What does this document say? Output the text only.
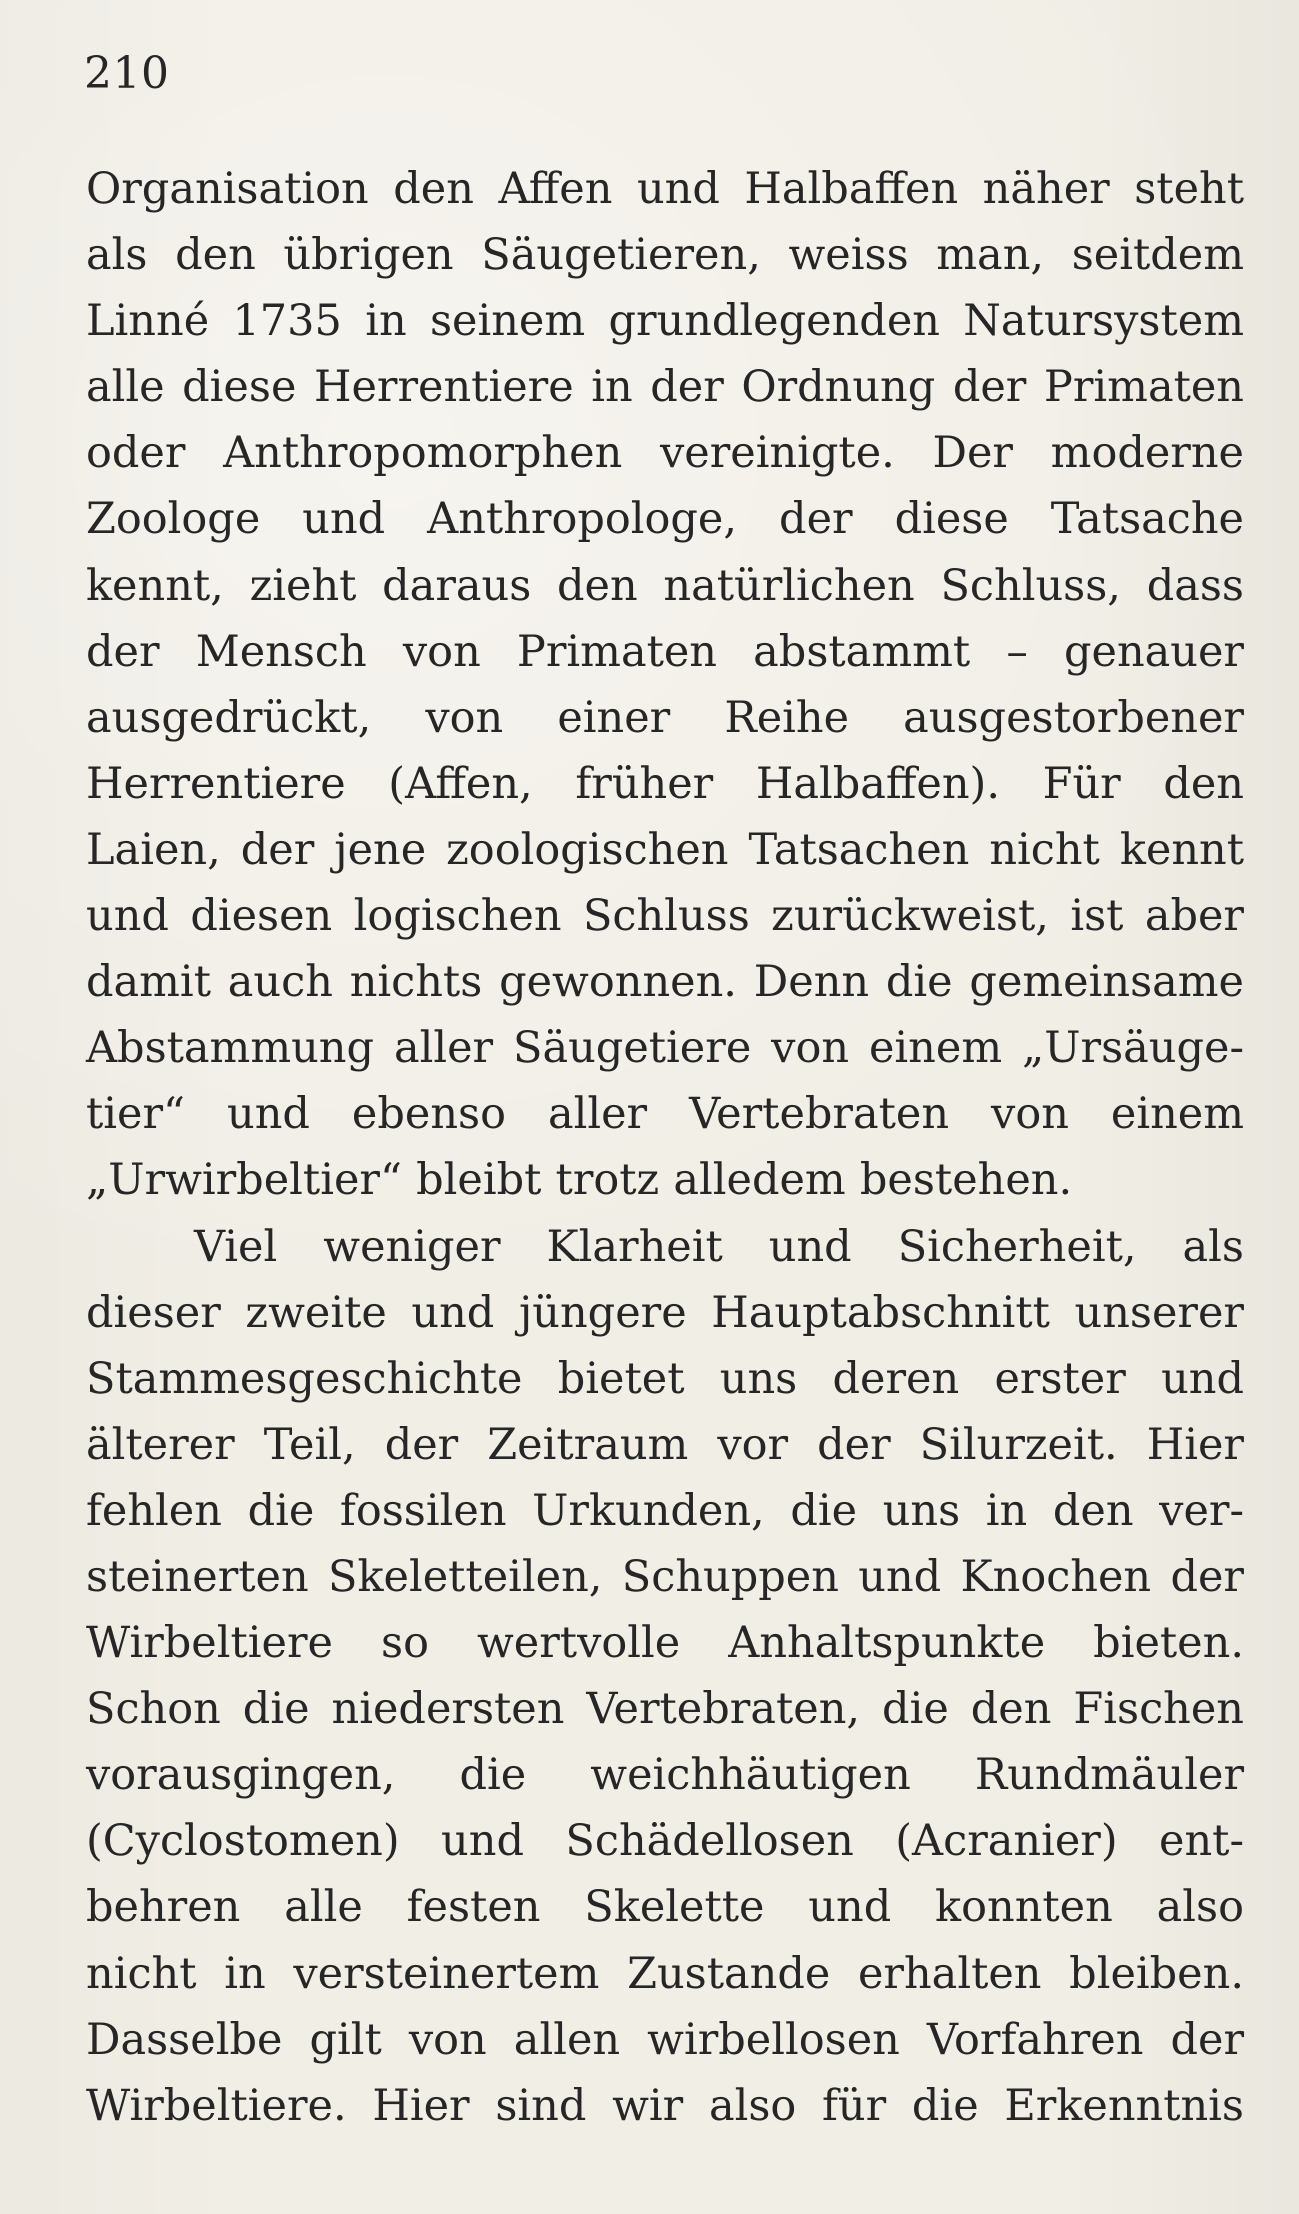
210
Organisation den Affen und Halbaffen näher steht
als den übrigen Säugetieren, weiss man, seitdem
Linné 1735 in seinem grundlegenden Natursystem
alle diese Herrentiere in der Ordnung der Primaten
oder Anthropomorphen vereinigte. Der moderne
Zoologe und Anthropologe, der diese Tatsache
kennt, zieht daraus den natürlichen Schluss, dass
der Mensch von Primaten abstammt – genauer
ausgedrückt, von einer Reihe ausgestorbener
Herrentiere (Affen, früher Halbaffen). Für den
Laien, der jene zoologischen Tatsachen nicht kennt
und diesen logischen Schluss zurückweist, ist aber
damit auch nichts gewonnen. Denn die gemeinsame
Abstammung aller Säugetiere von einem „Ursäuge-
tier“ und ebenso aller Vertebraten von einem
„Urwirbeltier“ bleibt trotz alledem bestehen.
Viel weniger Klarheit und Sicherheit, als
dieser zweite und jüngere Hauptabschnitt unserer
Stammesgeschichte bietet uns deren erster und
älterer Teil, der Zeitraum vor der Silurzeit. Hier
fehlen die fossilen Urkunden, die uns in den ver-
steinerten Skeletteilen, Schuppen und Knochen der
Wirbeltiere so wertvolle Anhaltspunkte bieten.
Schon die niedersten Vertebraten, die den Fischen
vorausgingen, die weichhäutigen Rundmäuler
(Cyclostomen) und Schädellosen (Acranier) ent-
behren alle festen Skelette und konnten also
nicht in versteinertem Zustande erhalten bleiben.
Dasselbe gilt von allen wirbellosen Vorfahren der
Wirbeltiere. Hier sind wir also für die Erkenntnis
